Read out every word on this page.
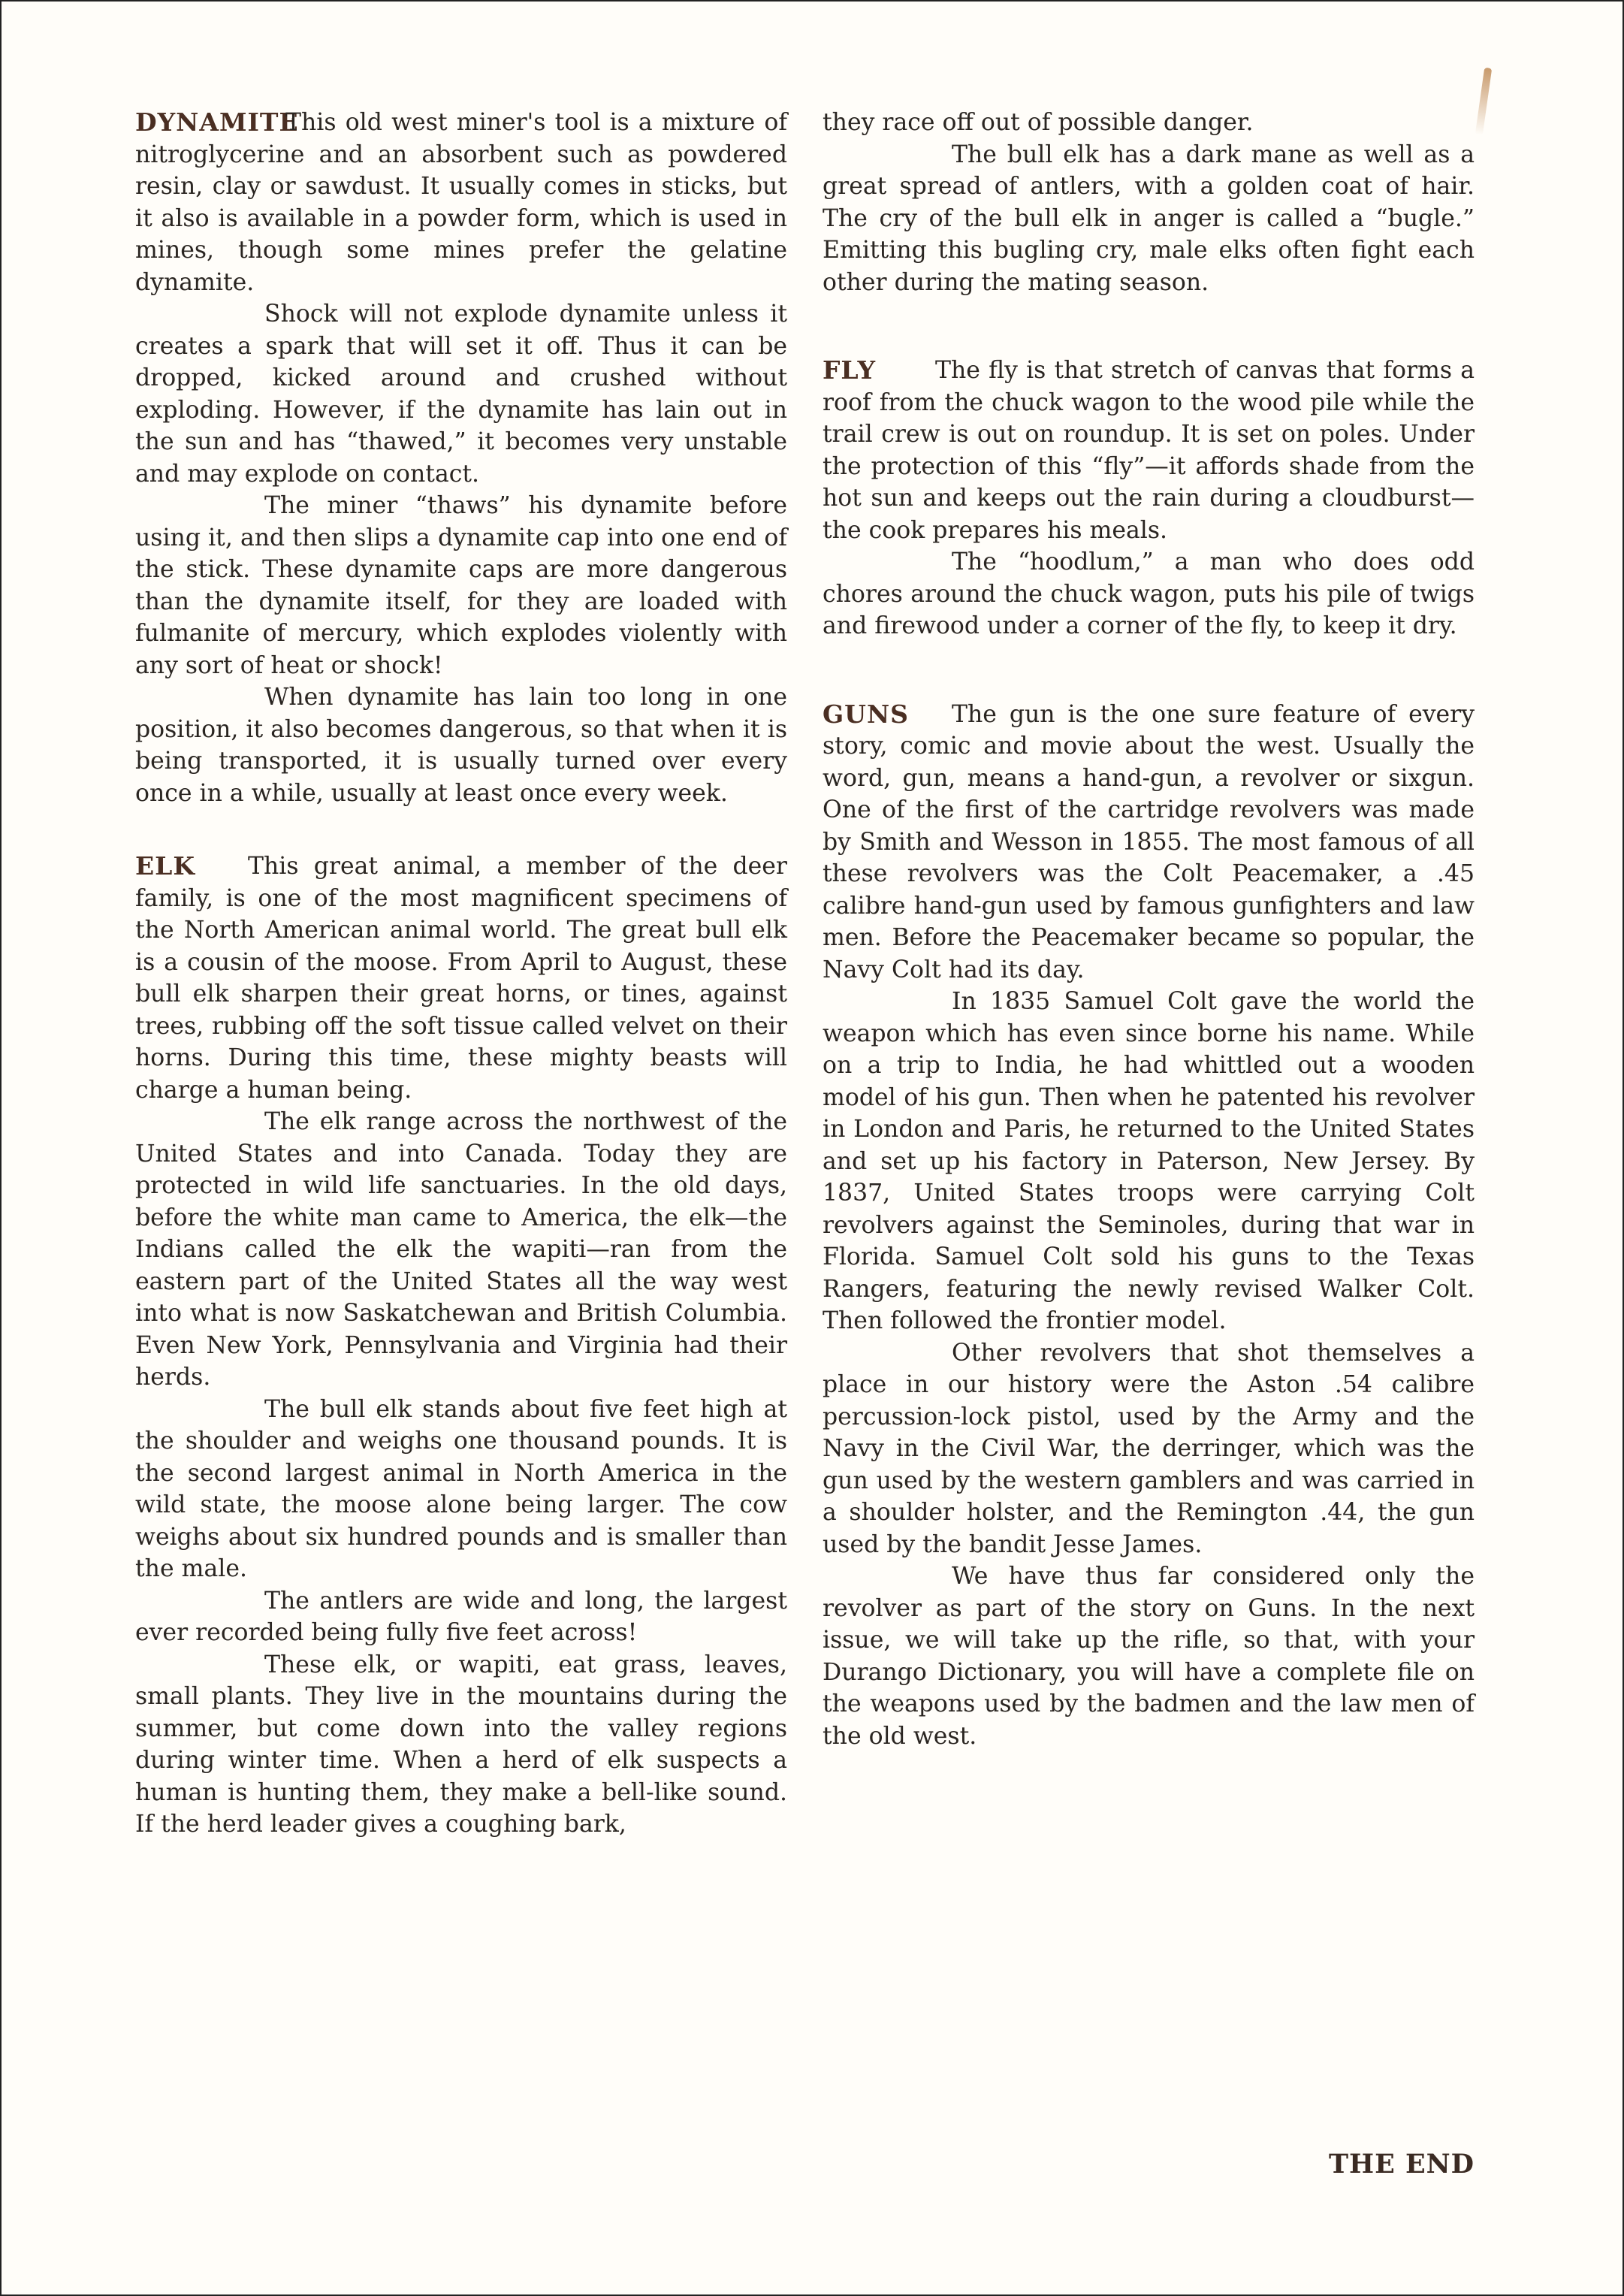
DYNAMITE

This old west miner's tool is a mixture of nitroglycerine and an absorbent such as powdered resin, clay or sawdust. It usually comes in sticks, but it also is available in a powder form, which is used in mines, though some mines prefer the gelatine dynamite.

Shock will not explode dynamite unless it creates a spark that will set it off. Thus it can be dropped, kicked around and crushed without exploding. However, if the dynamite has lain out in the sun and has “thawed,” it becomes very unstable and may explode on contact.

The miner “thaws” his dynamite before using it, and then slips a dynamite cap into one end of the stick. These dynamite caps are more dangerous than the dynamite itself, for they are loaded with fulmanite of mercury, which explodes violently with any sort of heat or shock!

When dynamite has lain too long in one position, it also becomes dangerous, so that when it is being transported, it is usually turned over every once in a while, usually at least once every week.

ELK	This great animal, a member of the deer family, is one of the most magnificent specimens of the North American animal world. The great bull elk is a cousin of the moose. From April to August, these bull elk sharpen their great horns, or tines, against trees, rubbing off the soft tissue called velvet on their horns. During this time, these mighty beasts will charge a human being.

The elk range across the northwest of the United States and into Canada. Today they are protected in wild life sanctuaries. In the old days, before the white man came to America, the elk—the Indians called the elk the wapiti—ran from the eastern part of the United States all the way west into what is now Saskatchewan and British Columbia. Even New York, Pennsylvania and Virginia had their herds.

The bull elk stands about five feet high at the shoulder and weighs one thousand pounds. It is the second largest animal in North America in the wild state, the moose alone being larger. The cow weighs about six hundred pounds and is smaller than the male.

The antlers are wide and long, the largest ever recorded being fully five feet across!

These elk, or wapiti, eat grass, leaves, small plants. They live in the mountains during the summer, but come down into the valley regions during winter time. When a herd of elk suspects a human is hunting them, they make a bell-like sound. If the herd leader gives a coughing bark,

they race off out of possible danger.

The bull elk has a dark mane as well as a great spread of antlers, with a golden coat of hair. The cry of the bull elk in anger is called a “bugle.” Emitting this bugling cry, male elks often fight each other during the mating season.

FLY	The fly is that stretch of canvas that forms a roof from the chuck wagon to the wood pile while the trail crew is out on roundup. It is set on poles. Under the protection of this “fly”—it affords shade from the hot sun and keeps out the rain during a cloudburst—the cook prepares his meals.

The “hoodlum,” a man who does odd chores around the chuck wagon, puts his pile of twigs and firewood under a corner of the fly, to keep it dry.

GUNS	The gun is the one sure feature of every story, comic and movie about the west. Usually the word, gun, means a hand-gun, a revolver or sixgun. One of the first of the cartridge revolvers was made by Smith and Wesson in 1855. The most famous of all these revolvers was the Colt Peacemaker, a .45 calibre hand-gun used by famous gunfighters and law men. Before the Peacemaker became so popular, the Navy Colt had its day.

In 1835 Samuel Colt gave the world the weapon which has even since borne his name. While on a trip to India, he had whittled out a wooden model of his gun. Then when he patented his revolver in London and Paris, he returned to the United States and set up his factory in Paterson, New Jersey. By 1837, United States troops were carrying Colt revolvers against the Seminoles, during that war in Florida. Samuel Colt sold his guns to the Texas Rangers, featuring the newly revised Walker Colt. Then followed the frontier model.

Other revolvers that shot themselves a place in our history were the Aston .54 calibre percussion-lock pistol, used by the Army and the Navy in the Civil War, the derringer, which was the gun used by the western gamblers and was carried in a shoulder holster, and the Remington .44, the gun used by the bandit Jesse James.

We have thus far considered only the revolver as part of the story on Guns. In the next issue, we will take up the rifle, so that, with your Durango Dictionary, you will have a complete file on the weapons used by the badmen and the law men of the old west.

THE END
